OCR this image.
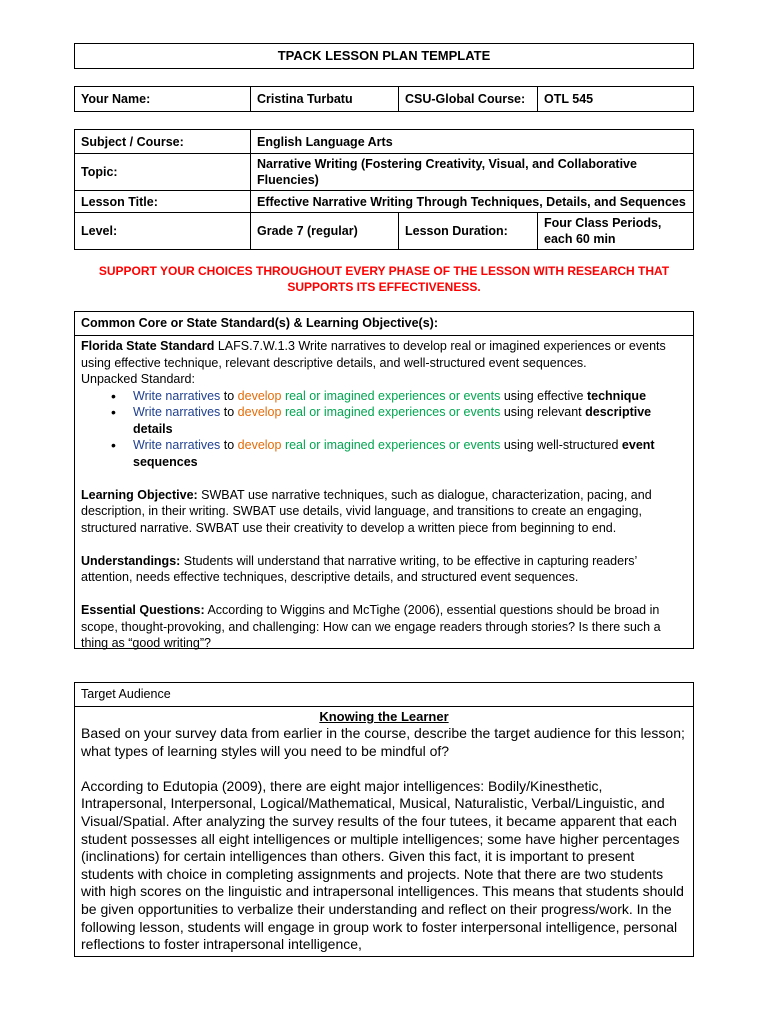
TPACK LESSON PLAN TEMPLATE
Your Name:	Cristina Turbatu	CSU-Global Course:	OTL 545
Subject / Course:	English Language Arts		
Topic:	Narrative Writing (Fostering Creativity, Visual, and Collaborative Fluencies)		
Lesson Title:	Effective Narrative Writing Through Techniques, Details, and Sequences		
Level:	Grade 7 (regular)	Lesson Duration:	Four Class Periods, each 60 min
SUPPORT YOUR CHOICES THROUGHOUT EVERY PHASE OF THE LESSON WITH RESEARCH THAT SUPPORTS ITS EFFECTIVENESS.
Common Core or State Standard(s) & Learning Objective(s):
Florida State Standard LAFS.7.W.1.3 Write narratives to develop real or imagined experiences or events using effective technique, relevant descriptive details, and well-structured event sequences.
Unpacked Standard:
• Write narratives to develop real or imagined experiences or events using effective technique
• Write narratives to develop real or imagined experiences or events using relevant descriptive details
• Write narratives to develop real or imagined experiences or events using well-structured event sequences
Learning Objective: SWBAT use narrative techniques, such as dialogue, characterization, pacing, and description, in their writing. SWBAT use details, vivid language, and transitions to create an engaging, structured narrative. SWBAT use their creativity to develop a written piece from beginning to end.
Understandings: Students will understand that narrative writing, to be effective in capturing readers’ attention, needs effective techniques, descriptive details, and structured event sequences.
Essential Questions: According to Wiggins and McTighe (2006), essential questions should be broad in scope, thought-provoking, and challenging: How can we engage readers through stories? Is there such a thing as “good writing”?
Target Audience
Knowing the Learner
Based on your survey data from earlier in the course, describe the target audience for this lesson; what types of learning styles will you need to be mindful of?
According to Edutopia (2009), there are eight major intelligences: Bodily/Kinesthetic, Intrapersonal, Interpersonal, Logical/Mathematical, Musical, Naturalistic, Verbal/Linguistic, and Visual/Spatial. After analyzing the survey results of the four tutees, it became apparent that each student possesses all eight intelligences or multiple intelligences; some have higher percentages (inclinations) for certain intelligences than others. Given this fact, it is important to present students with choice in completing assignments and projects. Note that there are two students with high scores on the linguistic and intrapersonal intelligences. This means that students should be given opportunities to verbalize their understanding and reflect on their progress/work. In the following lesson, students will engage in group work to foster interpersonal intelligence, personal reflections to foster intrapersonal intelligence,
